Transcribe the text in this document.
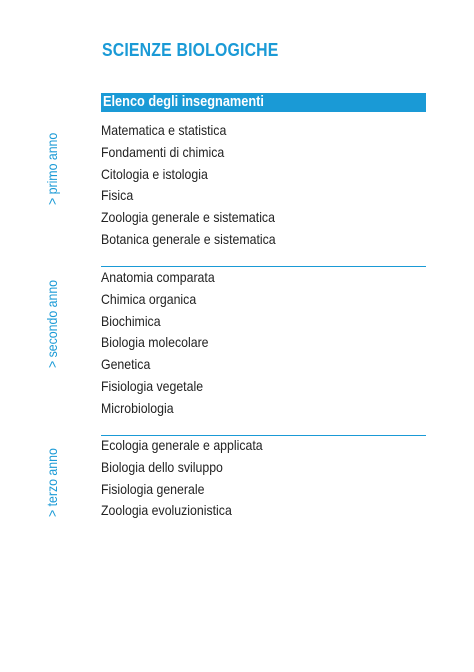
SCIENZE BIOLOGICHE
Elenco degli insegnamenti
> primo anno
Matematica e statistica
Fondamenti di chimica
Citologia e istologia
Fisica
Zoologia generale e sistematica
Botanica generale e sistematica
> secondo anno
Anatomia comparata
Chimica organica
Biochimica
Biologia molecolare
Genetica
Fisiologia vegetale
Microbiologia
> terzo anno
Ecologia generale e applicata
Biologia dello sviluppo
Fisiologia generale
Zoologia evoluzionistica
